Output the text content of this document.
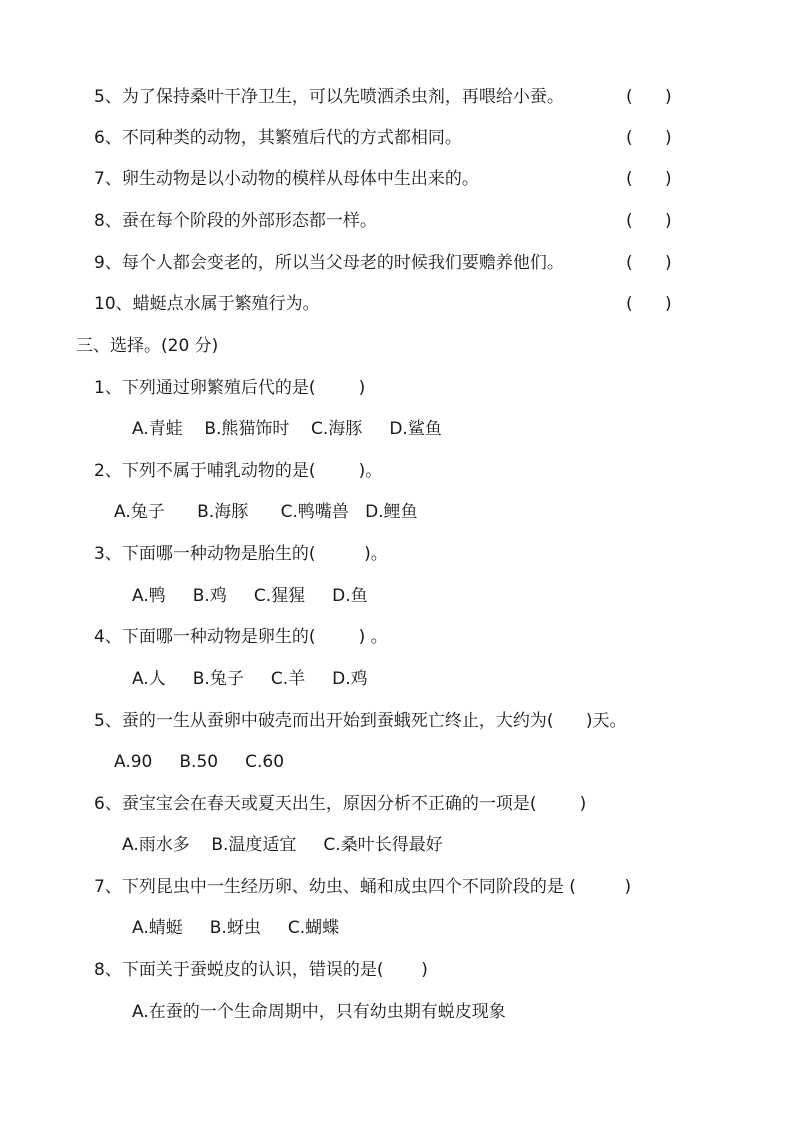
5、为了保持桑叶干净卫生，可以先喷洒杀虫剂，再喂给小蚕。	(      )
6、不同种类的动物，其繁殖后代的方式都相同。	(      )
7、卵生动物是以小动物的模样从母体中生出来的。	(      )
8、蚕在每个阶段的外部形态都一样。	(      )
9、每个人都会变老的，所以当父母老的时候我们要赡养他们。	(      )
10、蜡蜓点水属于繁殖行为。	(      )
三、选择。(20 分)
1、下列通过卵繁殖后代的是(        )
A.青蛙    B.熊猫饰时    C.海豚     D.鲨鱼
2、下列不属于哺乳动物的是(        )。
A.兔子      B.海豚      C.鸭嘴兽   D.鲤鱼
3、下面哪一种动物是胎生的(         )。
A.鸭     B.鸡     C.猩猩     D.鱼
4、下面哪一种动物是卵生的(        ) 。
A.人     B.兔子     C.羊     D.鸡
5、蚕的一生从蚕卵中破壳而出开始到蚕蛾死亡终止，大约为(      )天。
A.90     B.50     C.60
6、蚕宝宝会在春天或夏天出生，原因分析不正确的一项是(        )
A.雨水多    B.温度适宜     C.桑叶长得最好
7、下列昆虫中一生经历卵、幼虫、蛹和成虫四个不同阶段的是 (         )
A.蜻蜓     B.蚜虫     C.蝴蝶
8、下面关于蚕蜕皮的认识，错误的是(       )
A.在蚕的一个生命周期中，只有幼虫期有蜕皮现象
